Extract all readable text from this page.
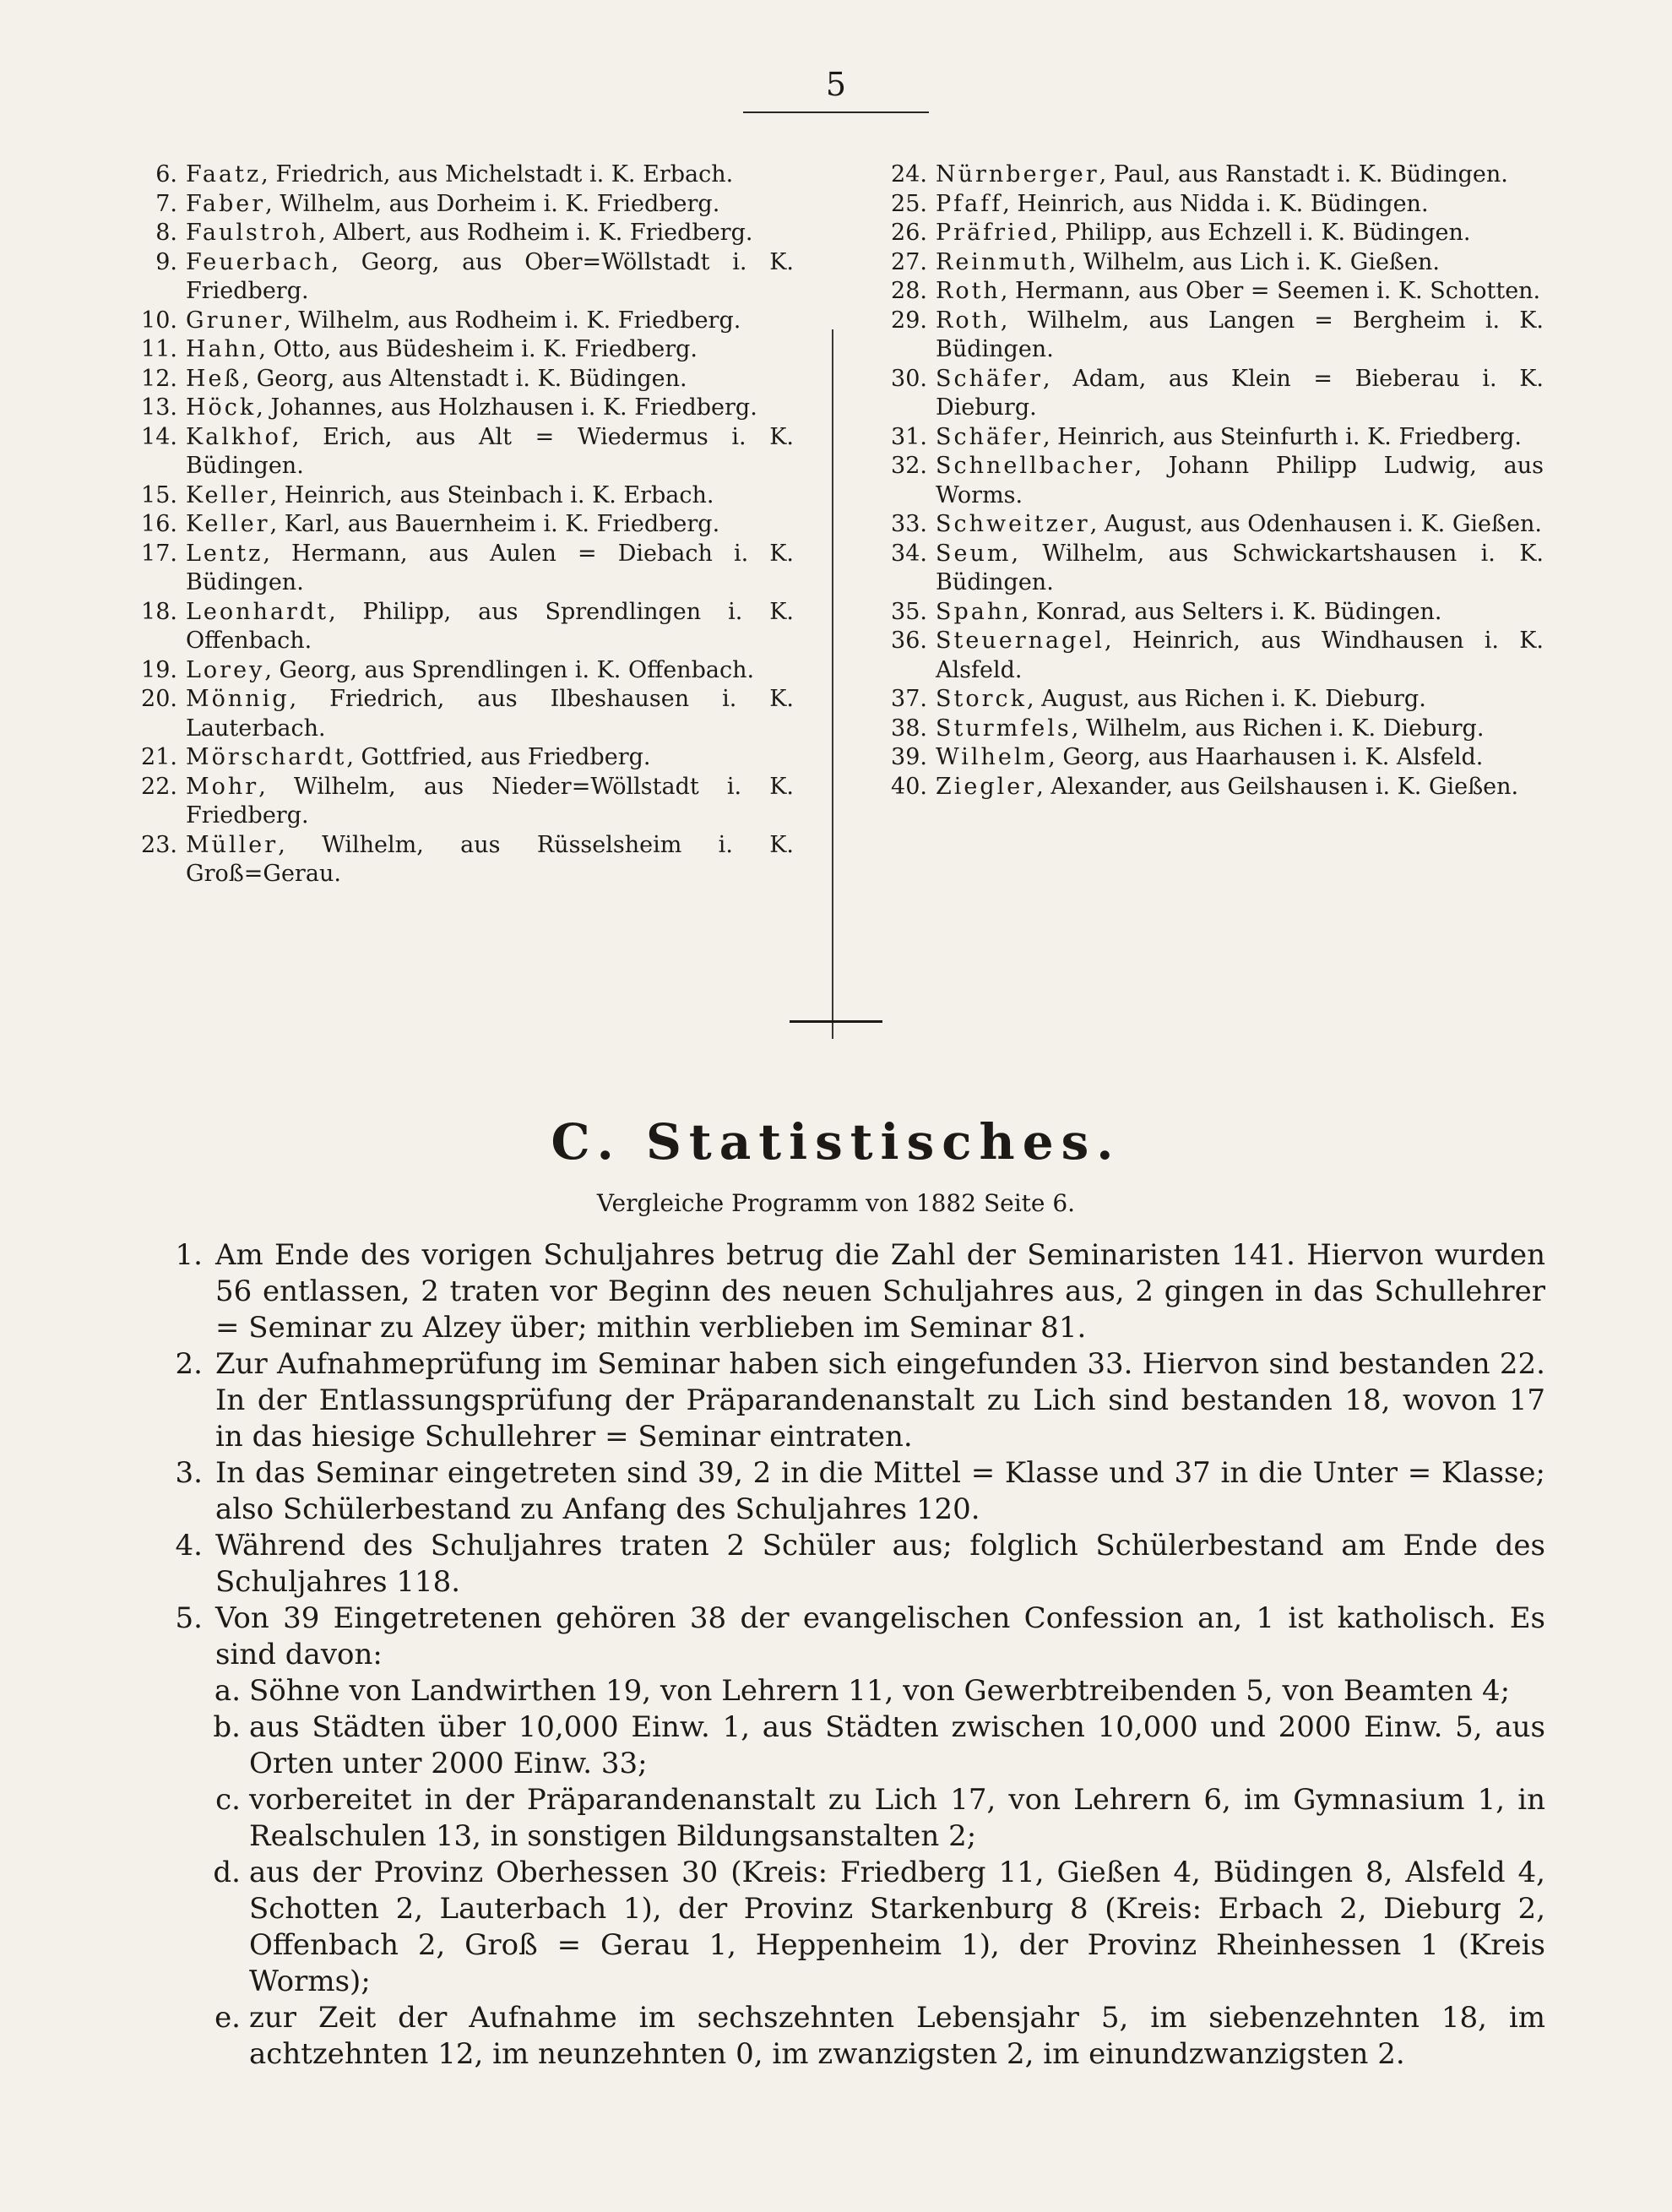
5
6. Faatz, Friedrich, aus Michelstadt i. K. Erbach.
7. Faber, Wilhelm, aus Dorheim i. K. Friedberg.
8. Faulstroh, Albert, aus Rodheim i. K. Friedberg.
9. Feuerbach, Georg, aus Ober=Wöllstadt i. K. Friedberg.
10. Gruner, Wilhelm, aus Rodheim i. K. Friedberg.
11. Hahn, Otto, aus Büdesheim i. K. Friedberg.
12. Heß, Georg, aus Altenstadt i. K. Büdingen.
13. Höck, Johannes, aus Holzhausen i. K. Friedberg.
14. Kalkhof, Erich, aus Alt = Wiedermus i. K. Büdingen.
15. Keller, Heinrich, aus Steinbach i. K. Erbach.
16. Keller, Karl, aus Bauernheim i. K. Friedberg.
17. Lentz, Hermann, aus Aulen = Diebach i. K. Büdingen.
18. Leonhardt, Philipp, aus Sprendlingen i. K. Offenbach.
19. Lorey, Georg, aus Sprendlingen i. K. Offenbach.
20. Mönnig, Friedrich, aus Ilbeshausen i. K. Lauterbach.
21. Mörschardt, Gottfried, aus Friedberg.
22. Mohr, Wilhelm, aus Nieder=Wöllstadt i. K. Friedberg.
23. Müller, Wilhelm, aus Rüsselsheim i. K. Groß=Gerau.
24. Nürnberger, Paul, aus Ranstadt i. K. Büdingen.
25. Pfaff, Heinrich, aus Nidda i. K. Büdingen.
26. Präfried, Philipp, aus Echzell i. K. Büdingen.
27. Reinmuth, Wilhelm, aus Lich i. K. Gießen.
28. Roth, Hermann, aus Ober = Seemen i. K. Schotten.
29. Roth, Wilhelm, aus Langen = Bergheim i. K. Büdingen.
30. Schäfer, Adam, aus Klein = Bieberau i. K. Dieburg.
31. Schäfer, Heinrich, aus Steinfurth i. K. Friedberg.
32. Schnellbacher, Johann Philipp Ludwig, aus Worms.
33. Schweitzer, August, aus Odenhausen i. K. Gießen.
34. Seum, Wilhelm, aus Schwickartshausen i. K. Büdingen.
35. Spahn, Konrad, aus Selters i. K. Büdingen.
36. Steuernagel, Heinrich, aus Windhausen i. K. Alsfeld.
37. Storck, August, aus Richen i. K. Dieburg.
38. Sturmfels, Wilhelm, aus Richen i. K. Dieburg.
39. Wilhelm, Georg, aus Haarhausen i. K. Alsfeld.
40. Ziegler, Alexander, aus Geilshausen i. K. Gießen.
C. Statistisches.
Vergleiche Programm von 1882 Seite 6.
1. Am Ende des vorigen Schuljahres betrug die Zahl der Seminaristen 141. Hiervon wurden 56 entlassen, 2 traten vor Beginn des neuen Schuljahres aus, 2 gingen in das Schullehrer = Seminar zu Alzey über; mithin verblieben im Seminar 81.
2. Zur Aufnahmeprüfung im Seminar haben sich eingefunden 33. Hiervon sind bestanden 22. In der Entlassungsprüfung der Präparandenanstalt zu Lich sind bestanden 18, wovon 17 in das hiesige Schullehrer = Seminar eintraten.
3. In das Seminar eingetreten sind 39, 2 in die Mittel = Klasse und 37 in die Unter = Klasse; also Schülerbestand zu Anfang des Schuljahres 120.
4. Während des Schuljahres traten 2 Schüler aus; folglich Schülerbestand am Ende des Schuljahres 118.
5. Von 39 Eingetretenen gehören 38 der evangelischen Confession an, 1 ist katholisch. Es sind davon:
a. Söhne von Landwirthen 19, von Lehrern 11, von Gewerbtreibenden 5, von Beamten 4;
b. aus Städten über 10,000 Einw. 1, aus Städten zwischen 10,000 und 2000 Einw. 5, aus Orten unter 2000 Einw. 33;
c. vorbereitet in der Präparandenanstalt zu Lich 17, von Lehrern 6, im Gymnasium 1, in Realschulen 13, in sonstigen Bildungsanstalten 2;
d. aus der Provinz Oberhessen 30 (Kreis: Friedberg 11, Gießen 4, Büdingen 8, Alsfeld 4, Schotten 2, Lauterbach 1), der Provinz Starkenburg 8 (Kreis: Erbach 2, Dieburg 2, Offenbach 2, Groß = Gerau 1, Heppenheim 1), der Provinz Rheinhessen 1 (Kreis Worms);
e. zur Zeit der Aufnahme im sechszehnten Lebensjahr 5, im siebenzehnten 18, im achtzehnten 12, im neunzehnten 0, im zwanzigsten 2, im einundzwanzigsten 2.
